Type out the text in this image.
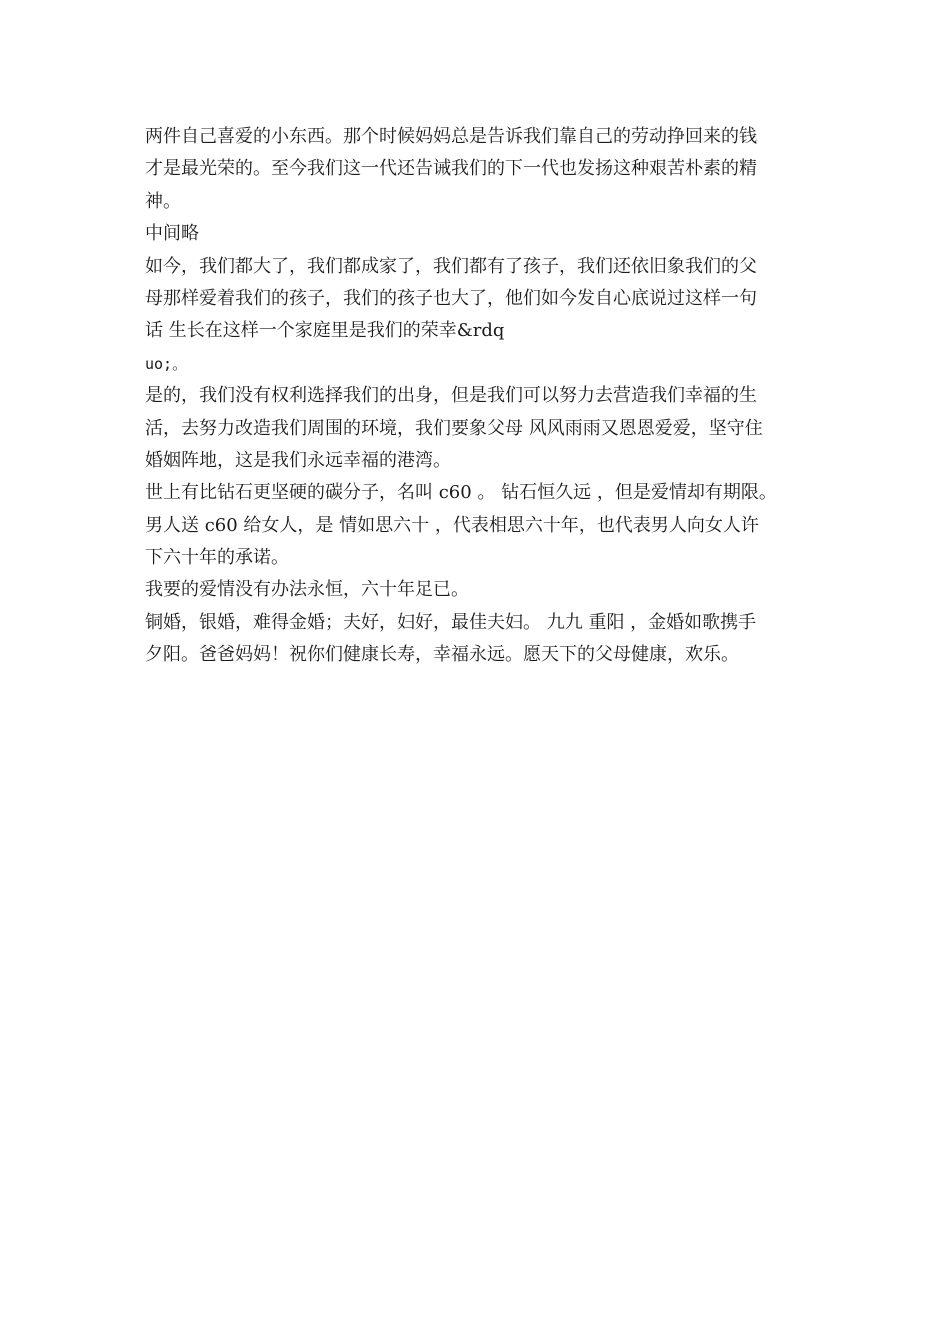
两件自己喜爱的小东西。那个时候妈妈总是告诉我们靠自己的劳动挣回来的钱
才是最光荣的。至今我们这一代还告诫我们的下一代也发扬这种艰苦朴素的精
神。
中间略
如今，我们都大了，我们都成家了，我们都有了孩子，我们还依旧象我们的父
母那样爱着我们的孩子，我们的孩子也大了，他们如今发自心底说过这样一句
话 生长在这样一个家庭里是我们的荣幸&rdq
uo;。
是的，我们没有权利选择我们的出身，但是我们可以努力去营造我们幸福的生
活，去努力改造我们周围的环境，我们要象父母 风风雨雨又恩恩爱爱，坚守住
婚姻阵地，这是我们永远幸福的港湾。
世上有比钻石更坚硬的碳分子，名叫 c60 。 钻石恒久远 ，但是爱情却有期限。
男人送 c60 给女人，是 情如思六十 ，代表相思六十年，也代表男人向女人许
下六十年的承诺。
我要的爱情没有办法永恒，六十年足已。
铜婚，银婚，难得金婚；夫好，妇好，最佳夫妇。 九九 重阳 ，金婚如歌携手
夕阳。爸爸妈妈！祝你们健康长寿，幸福永远。愿天下的父母健康，欢乐。
